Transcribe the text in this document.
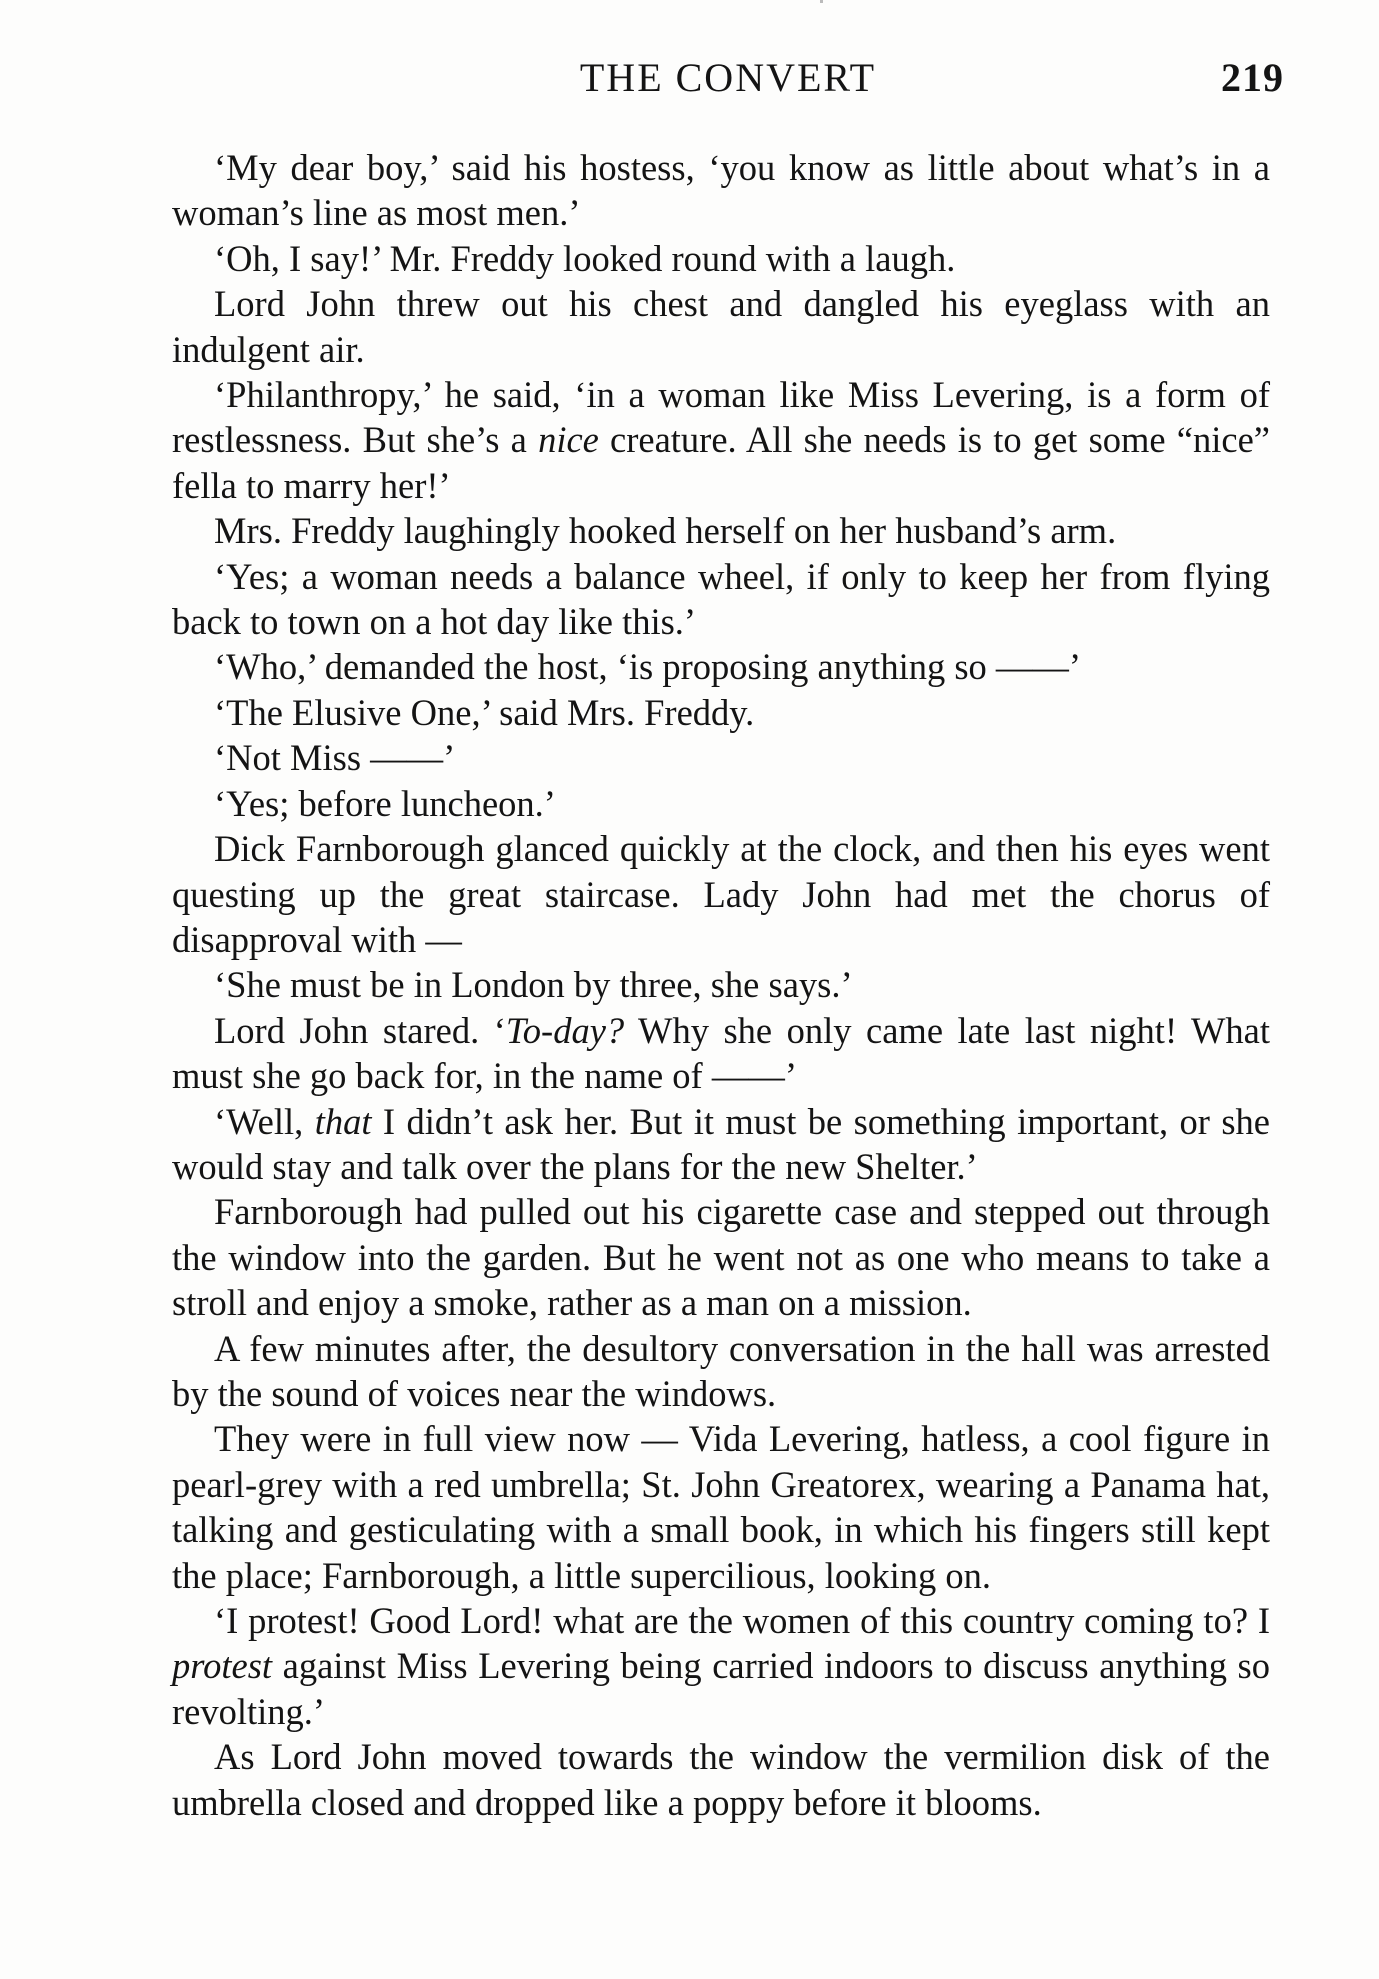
THE CONVERT	219

‘My dear boy,’ said his hostess, ‘you know as little about what’s in a woman’s line as most men.’

‘Oh, I say!’ Mr. Freddy looked round with a laugh.

Lord John threw out his chest and dangled his eyeglass with an indulgent air.

‘Philanthropy,’ he said, ‘in a woman like Miss Levering, is a form of restlessness. But she’s a nice creature. All she needs is to get some “nice” fella to marry her!’

Mrs. Freddy laughingly hooked herself on her husband’s arm.

‘Yes; a woman needs a balance wheel, if only to keep her from flying back to town on a hot day like this.’

‘Who,’ demanded the host, ‘is proposing anything so ——’

‘The Elusive One,’ said Mrs. Freddy.

‘Not Miss ——’

‘Yes; before luncheon.’

Dick Farnborough glanced quickly at the clock, and then his eyes went questing up the great staircase. Lady John had met the chorus of disapproval with —

‘She must be in London by three, she says.’

Lord John stared. ‘To-day? Why she only came late last night! What must she go back for, in the name of ——’

‘Well, that I didn’t ask her. But it must be something important, or she would stay and talk over the plans for the new Shelter.’

Farnborough had pulled out his cigarette case and stepped out through the window into the garden. But he went not as one who means to take a stroll and enjoy a smoke, rather as a man on a mission.

A few minutes after, the desultory conversation in the hall was arrested by the sound of voices near the windows.

They were in full view now — Vida Levering, hatless, a cool figure in pearl-grey with a red umbrella; St. John Greatorex, wearing a Panama hat, talking and gesticulating with a small book, in which his fingers still kept the place; Farnborough, a little supercilious, looking on.

‘I protest! Good Lord! what are the women of this country coming to? I protest against Miss Levering being carried indoors to discuss anything so revolting.’

As Lord John moved towards the window the vermilion disk of the umbrella closed and dropped like a poppy before it blooms.
